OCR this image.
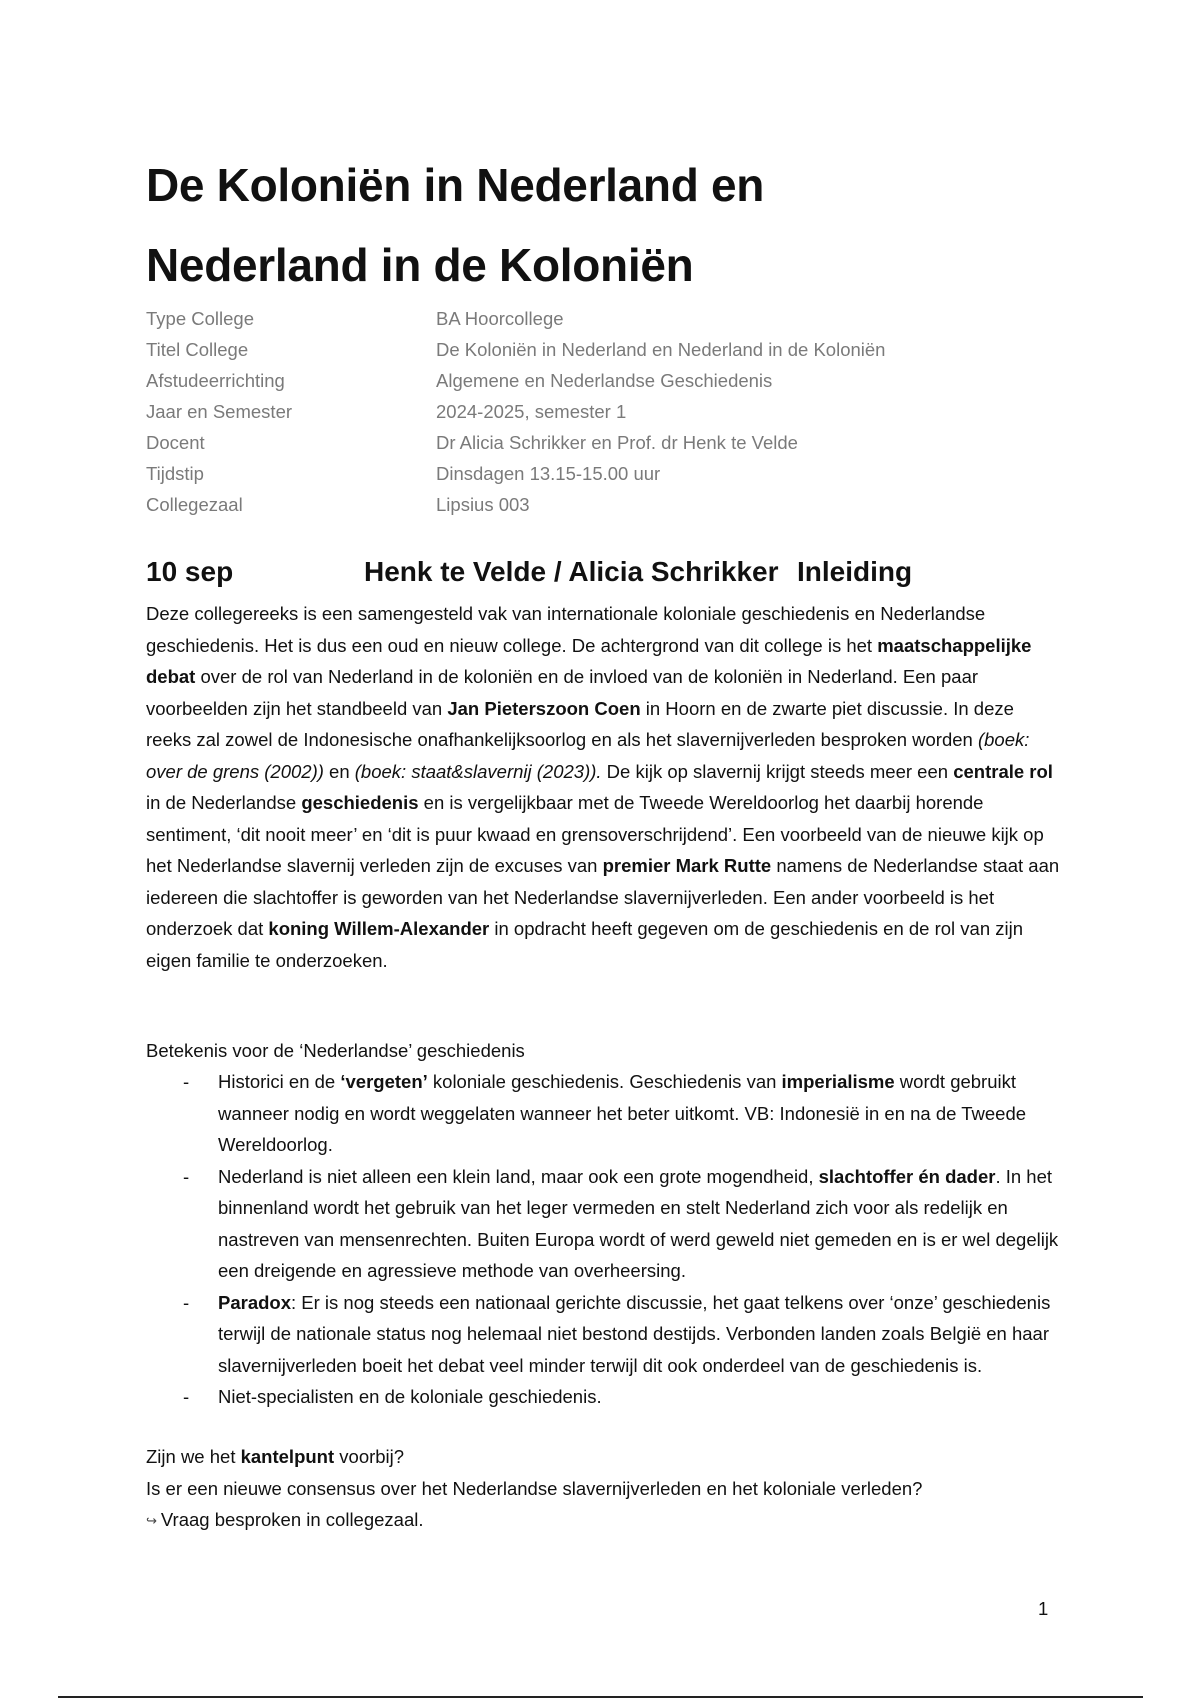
De Koloniën in Nederland en
Nederland in de Koloniën
Type College	BA Hoorcollege
Titel College	De Koloniën in Nederland en Nederland in de Koloniën
Afstudeerrichting	Algemene en Nederlandse Geschiedenis
Jaar en Semester	2024-2025, semester 1
Docent	Dr Alicia Schrikker en Prof. dr Henk te Velde
Tijdstip	Dinsdagen 13.15-15.00 uur
Collegezaal	Lipsius 003
10 sep	Henk te Velde / Alicia Schrikker Inleiding

Deze collegereeks is een samengesteld vak van internationale koloniale geschiedenis en Nederlandse geschiedenis. Het is dus een oud en nieuw college. De achtergrond van dit college is het maatschappelijke debat over de rol van Nederland in de koloniën en de invloed van de koloniën in Nederland. Een paar voorbeelden zijn het standbeeld van Jan Pieterszoon Coen in Hoorn en de zwarte piet discussie. In deze reeks zal zowel de Indonesische onafhankelijksoorlog en als het slavernijverleden besproken worden (boek: over de grens (2002)) en (boek: staat&slavernij (2023)). De kijk op slavernij krijgt steeds meer een centrale rol in de Nederlandse geschiedenis en is vergelijkbaar met de Tweede Wereldoorlog het daarbij horende sentiment, ‘dit nooit meer’ en ‘dit is puur kwaad en grensoverschrijdend’. Een voorbeeld van de nieuwe kijk op het Nederlandse slavernij verleden zijn de excuses van premier Mark Rutte namens de Nederlandse staat aan iedereen die slachtoffer is geworden van het Nederlandse slavernijverleden. Een ander voorbeeld is het onderzoek dat koning Willem-Alexander in opdracht heeft gegeven om de geschiedenis en de rol van zijn eigen familie te onderzoeken.

Betekenis voor de ‘Nederlandse’ geschiedenis

- Historici en de ‘vergeten’ koloniale geschiedenis. Geschiedenis van imperialisme wordt gebruikt wanneer nodig en wordt weggelaten wanneer het beter uitkomt. VB: Indonesië in en na de Tweede Wereldoorlog.
- Nederland is niet alleen een klein land, maar ook een grote mogendheid, slachtoffer én dader. In het binnenland wordt het gebruik van het leger vermeden en stelt Nederland zich voor als redelijk en nastreven van mensenrechten. Buiten Europa wordt of werd geweld niet gemeden en is er wel degelijk een dreigende en agressieve methode van overheersing.
- Paradox: Er is nog steeds een nationaal gerichte discussie, het gaat telkens over ‘onze’ geschiedenis terwijl de nationale status nog helemaal niet bestond destijds. Verbonden landen zoals België en haar slavernijverleden boeit het debat veel minder terwijl dit ook onderdeel van de geschiedenis is.
- Niet-specialisten en de koloniale geschiedenis.

Zijn we het kantelpunt voorbij?

Is er een nieuwe consensus over het Nederlandse slavernijverleden en het koloniale verleden?

↪ Vraag besproken in collegezaal.

1
